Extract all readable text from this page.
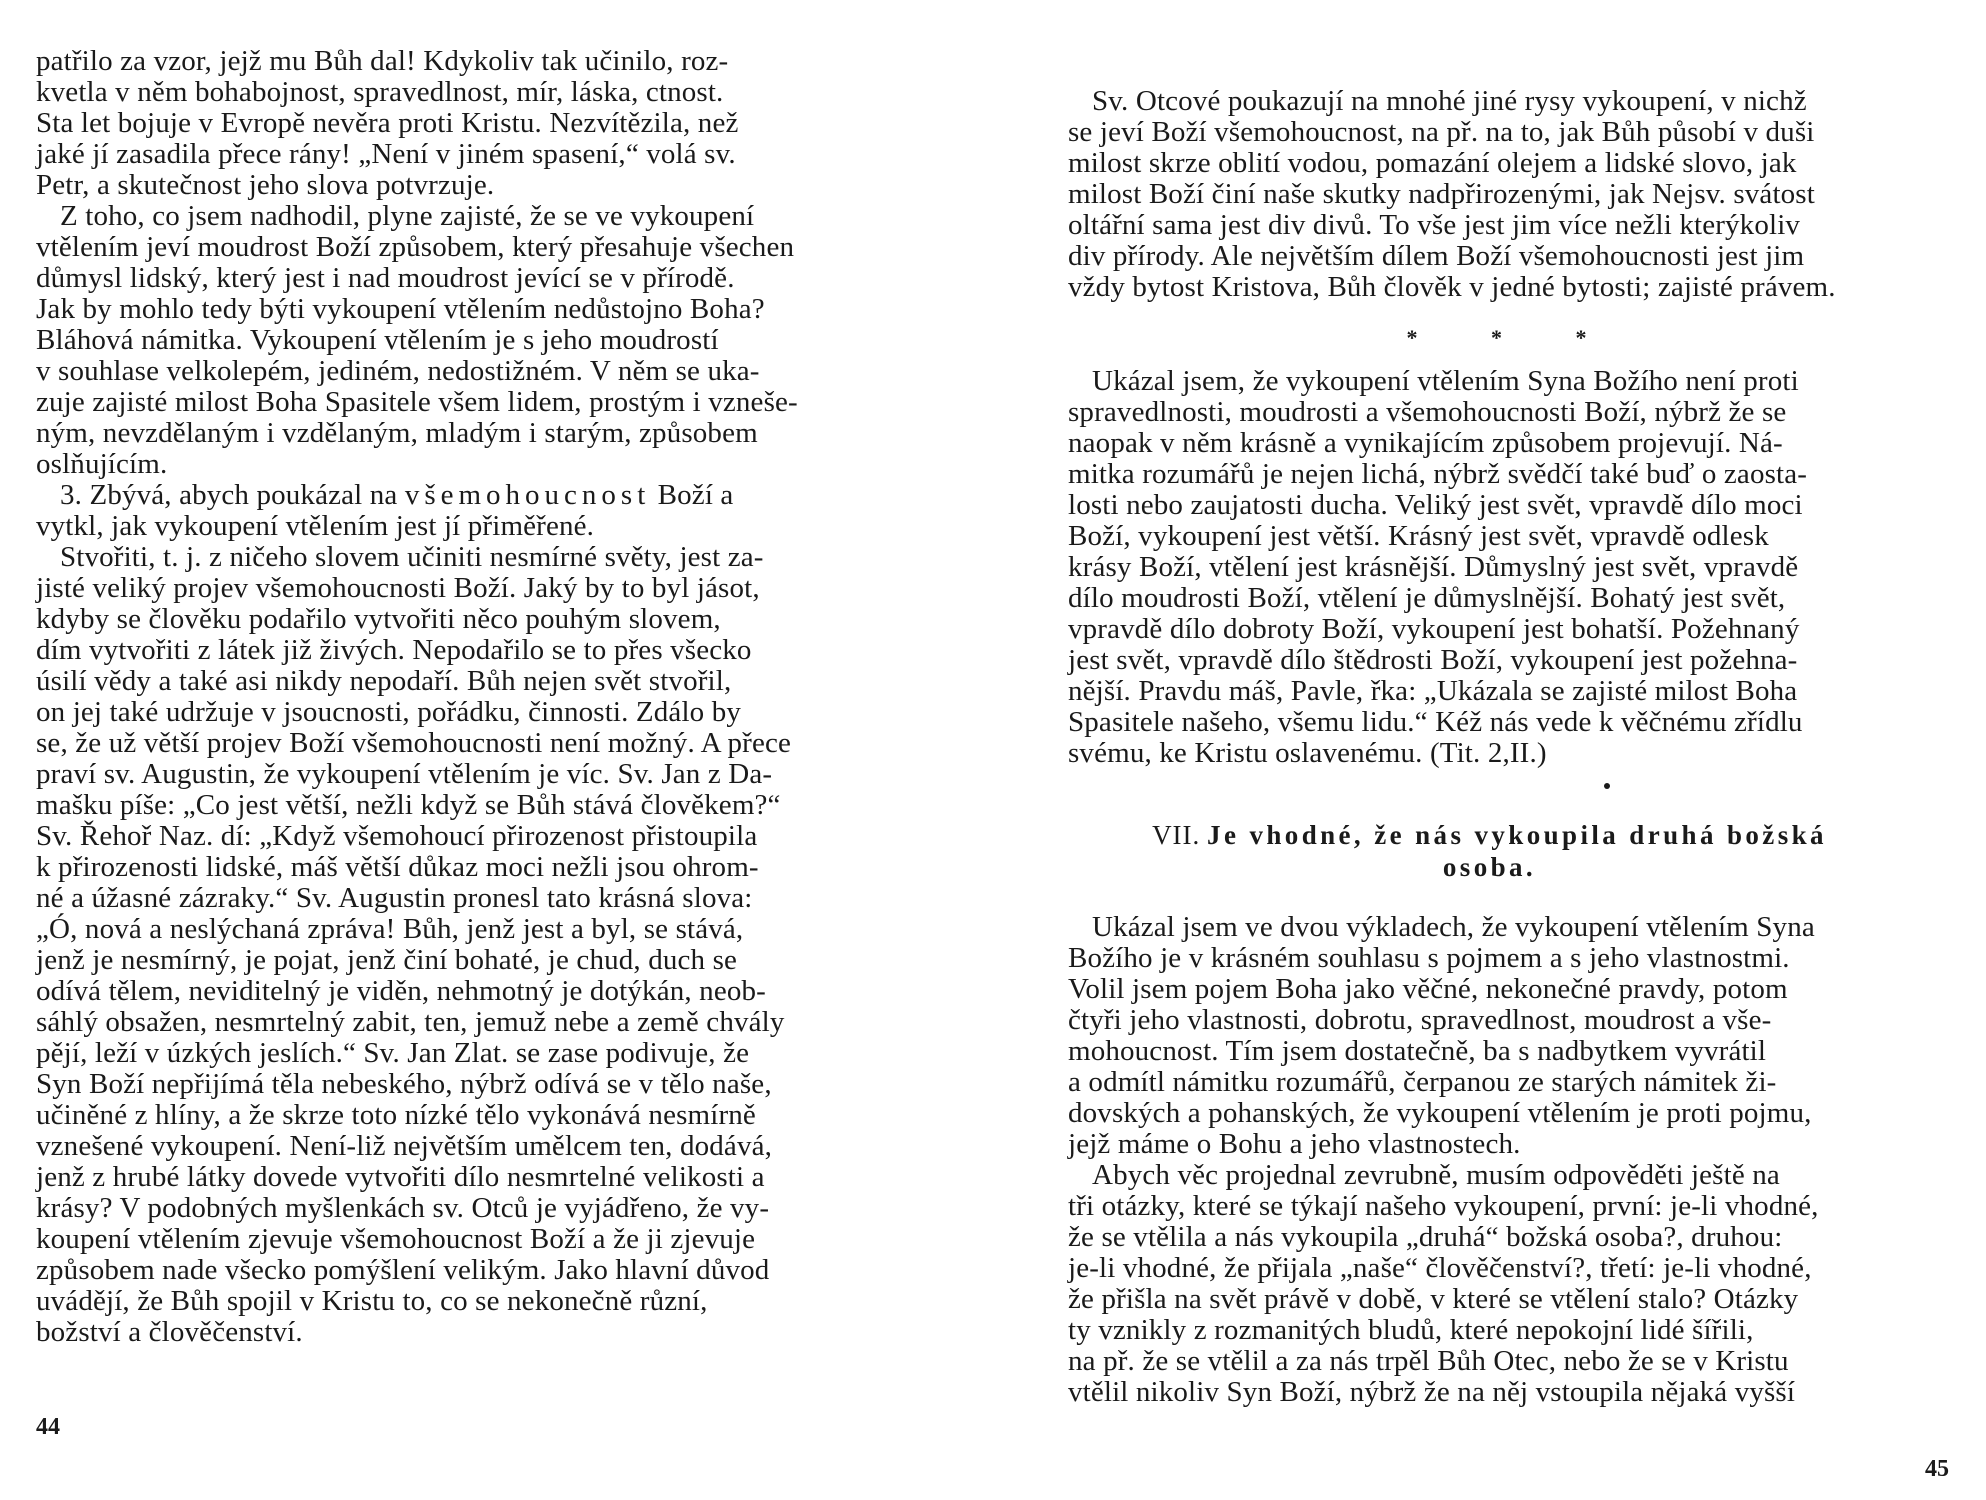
patřilo za vzor, jejž mu Bůh dal! Kdykoliv tak učinilo, roz-
kvetla v něm bohabojnost, spravedlnost, mír, láska, ctnost.
Sta let bojuje v Evropě nevěra proti Kristu. Nezvítězila, než
jaké jí zasadila přece rány! „Není v jiném spasení,“ volá sv.
Petr, a skutečnost jeho slova potvrzuje.
Z toho, co jsem nadhodil, plyne zajisté, že se ve vykoupení
vtělením jeví moudrost Boží způsobem, který přesahuje všechen
důmysl lidský, který jest i nad moudrost jevící se v přírodě.
Jak by mohlo tedy býti vykoupení vtělením nedůstojno Boha?
Bláhová námitka. Vykoupení vtělením je s jeho moudrostí
v souhlase velkolepém, jediném, nedostižném. V něm se uka-
zuje zajisté milost Boha Spasitele všem lidem, prostým i vzneše-
ným, nevzdělaným i vzdělaným, mladým i starým, způsobem
oslňujícím.
3. Zbývá, abych poukázal na všemohoucnost Boží a
vytkl, jak vykoupení vtělením jest jí přiměřené.
Stvořiti, t. j. z ničeho slovem učiniti nesmírné světy, jest za-
jisté veliký projev všemohoucnosti Boží. Jaký by to byl jásot,
kdyby se člověku podařilo vytvořiti něco pouhým slovem,
dím vytvořiti z látek již živých. Nepodařilo se to přes všecko
úsilí vědy a také asi nikdy nepodaří. Bůh nejen svět stvořil,
on jej také udržuje v jsoucnosti, pořádku, činnosti. Zdálo by
se, že už větší projev Boží všemohoucnosti není možný. A přece
praví sv. Augustin, že vykoupení vtělením je víc. Sv. Jan z Da-
mašku píše: „Co jest větší, nežli když se Bůh stává člověkem?“
Sv. Řehoř Naz. dí: „Když všemohoucí přirozenost přistoupila
k přirozenosti lidské, máš větší důkaz moci nežli jsou ohrom-
né a úžasné zázraky.“ Sv. Augustin pronesl tato krásná slova:
„Ó, nová a neslýchaná zpráva! Bůh, jenž jest a byl, se stává,
jenž je nesmírný, je pojat, jenž činí bohaté, je chud, duch se
odívá tělem, neviditelný je viděn, nehmotný je dotýkán, neob-
sáhlý obsažen, nesmrtelný zabit, ten, jemuž nebe a země chvály
pějí, leží v úzkých jeslích.“ Sv. Jan Zlat. se zase podivuje, že
Syn Boží nepřijímá těla nebeského, nýbrž odívá se v tělo naše,
učiněné z hlíny, a že skrze toto nízké tělo vykonává nesmírně
vznešené vykoupení. Není-liž největším umělcem ten, dodává,
jenž z hrubé látky dovede vytvořiti dílo nesmrtelné velikosti a
krásy? V podobných myšlenkách sv. Otců je vyjádřeno, že vy-
koupení vtělením zjevuje všemohoucnost Boží a že ji zjevuje
způsobem nade všecko pomýšlení velikým. Jako hlavní důvod
uvádějí, že Bůh spojil v Kristu to, co se nekonečně různí,
božství a člověčenství.
44
Sv. Otcové poukazují na mnohé jiné rysy vykoupení, v nichž
se jeví Boží všemohoucnost, na př. na to, jak Bůh působí v duši
milost skrze oblití vodou, pomazání olejem a lidské slovo, jak
milost Boží činí naše skutky nadpřirozenými, jak Nejsv. svátost
oltářní sama jest div divů. To vše jest jim více nežli kterýkoliv
div přírody. Ale největším dílem Boží všemohoucnosti jest jim
vždy bytost Kristova, Bůh člověk v jedné bytosti; zajisté právem.
* * *
Ukázal jsem, že vykoupení vtělením Syna Božího není proti
spravedlnosti, moudrosti a všemohoucnosti Boží, nýbrž že se
naopak v něm krásně a vynikajícím způsobem projevují. Ná-
mitka rozumářů je nejen lichá, nýbrž svědčí také buď o zaosta-
losti nebo zaujatosti ducha. Veliký jest svět, vpravdě dílo moci
Boží, vykoupení jest větší. Krásný jest svět, vpravdě odlesk
krásy Boží, vtělení jest krásnější. Důmyslný jest svět, vpravdě
dílo moudrosti Boží, vtělení je důmyslnější. Bohatý jest svět,
vpravdě dílo dobroty Boží, vykoupení jest bohatší. Požehnaný
jest svět, vpravdě dílo štědrosti Boží, vykoupení jest požehna-
nější. Pravdu máš, Pavle, řka: „Ukázala se zajisté milost Boha
Spasitele našeho, všemu lidu.“ Kéž nás vede k věčnému zřídlu
svému, ke Kristu oslavenému. (Tit. 2,II.)
VII. Je vhodné, že nás vykoupila druhá božská
osoba.
Ukázal jsem ve dvou výkladech, že vykoupení vtělením Syna
Božího je v krásném souhlasu s pojmem a s jeho vlastnostmi.
Volil jsem pojem Boha jako věčné, nekonečné pravdy, potom
čtyři jeho vlastnosti, dobrotu, spravedlnost, moudrost a vše-
mohoucnost. Tím jsem dostatečně, ba s nadbytkem vyvrátil
a odmítl námitku rozumářů, čerpanou ze starých námitek ži-
dovských a pohanských, že vykoupení vtělením je proti pojmu,
jejž máme o Bohu a jeho vlastnostech.
Abych věc projednal zevrubně, musím odpověděti ještě na
tři otázky, které se týkají našeho vykoupení, první: je-li vhodné,
že se vtělila a nás vykoupila „druhá“ božská osoba?, druhou:
je-li vhodné, že přijala „naše“ člověčenství?, třetí: je-li vhodné,
že přišla na svět právě v době, v které se vtělení stalo? Otázky
ty vznikly z rozmanitých bludů, které nepokojní lidé šířili,
na př. že se vtělil a za nás trpěl Bůh Otec, nebo že se v Kristu
vtělil nikoliv Syn Boží, nýbrž že na něj vstoupila nějaká vyšší
45
